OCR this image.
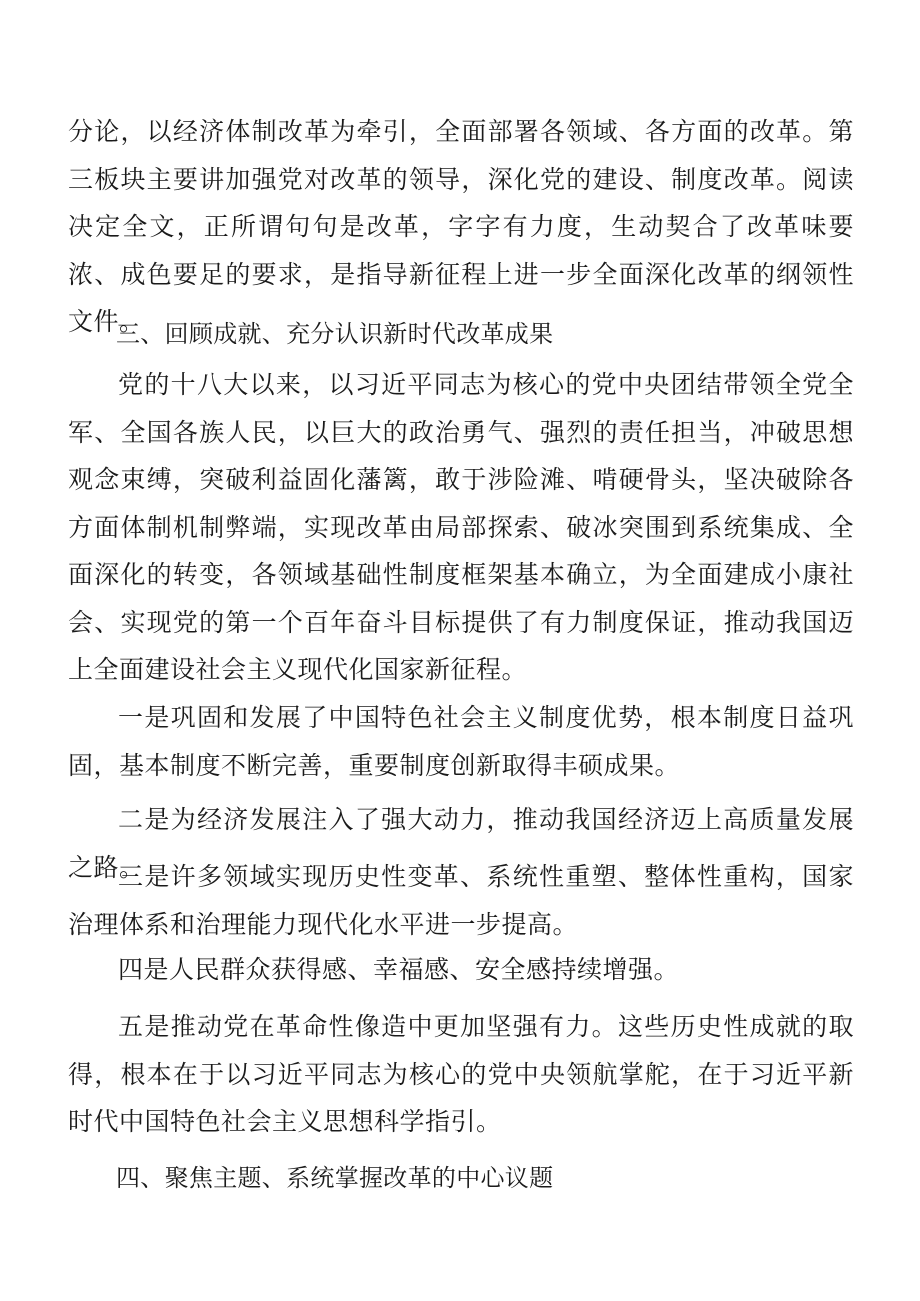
分论，以经济体制改革为牵引，全面部署各领域、各方面的改革。第三板块主要讲加强党对改革的领导，深化党的建设、制度改革。阅读决定全文，正所谓句句是改革，字字有力度，生动契合了改革味要浓、成色要足的要求，是指导新征程上进一步全面深化改革的纲领性文件。

三、回顾成就、充分认识新时代改革成果

党的十八大以来，以习近平同志为核心的党中央团结带领全党全军、全国各族人民，以巨大的政治勇气、强烈的责任担当，冲破思想观念束缚，突破利益固化藩篱，敢于涉险滩、啃硬骨头，坚决破除各方面体制机制弊端，实现改革由局部探索、破冰突围到系统集成、全面深化的转变，各领域基础性制度框架基本确立，为全面建成小康社会、实现党的第一个百年奋斗目标提供了有力制度保证，推动我国迈上全面建设社会主义现代化国家新征程。

一是巩固和发展了中国特色社会主义制度优势，根本制度日益巩固，基本制度不断完善，重要制度创新取得丰硕成果。

二是为经济发展注入了强大动力，推动我国经济迈上高质量发展之路。

三是许多领域实现历史性变革、系统性重塑、整体性重构，国家治理体系和治理能力现代化水平进一步提高。

四是人民群众获得感、幸福感、安全感持续增强。

五是推动党在革命性像造中更加坚强有力。这些历史性成就的取得，根本在于以习近平同志为核心的党中央领航掌舵，在于习近平新时代中国特色社会主义思想科学指引。

四、聚焦主题、系统掌握改革的中心议题
